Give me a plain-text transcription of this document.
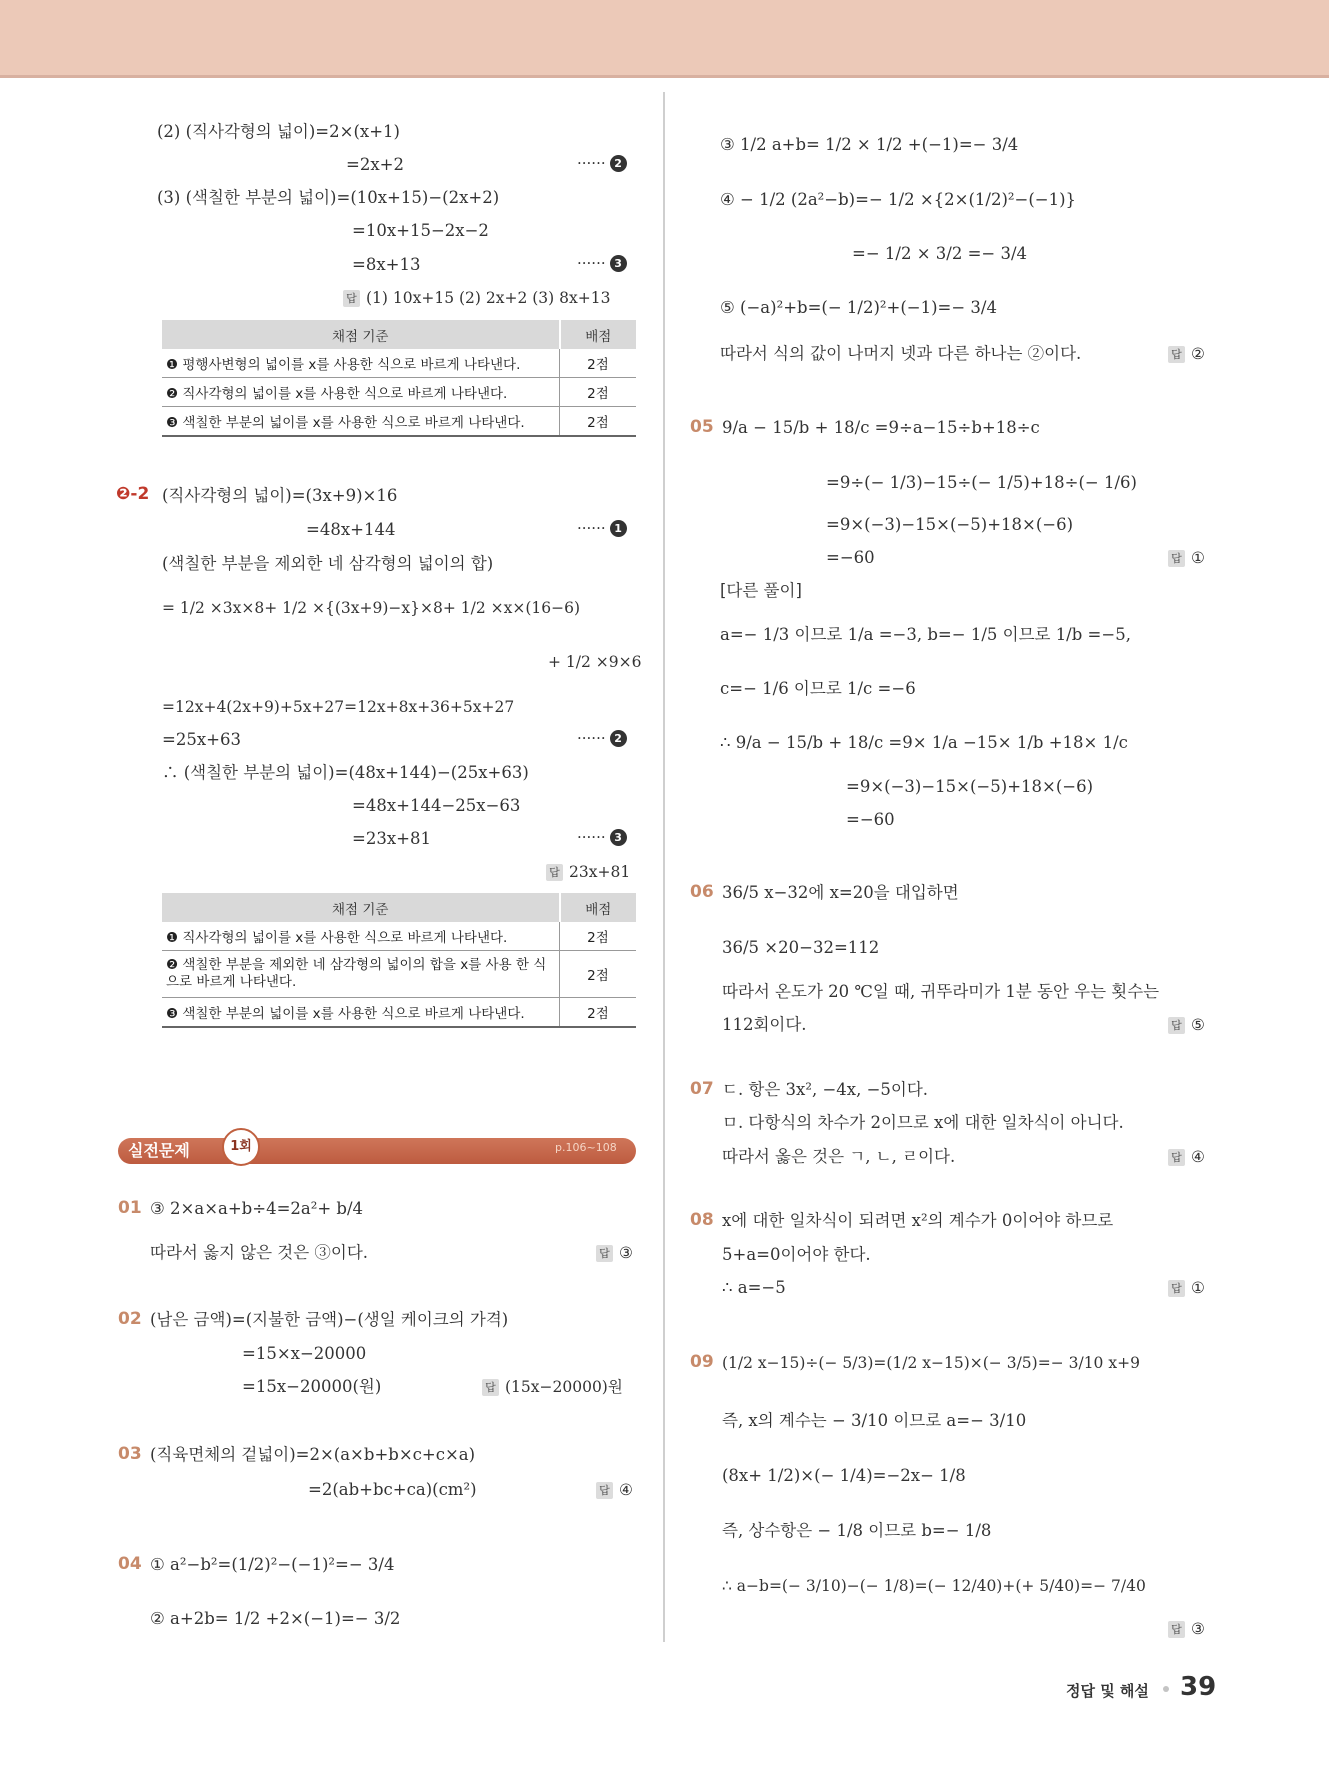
(2) (직사각형의 넓이)=2×(x+1)
=2x+2	······ 2
(3) (색칠한 부분의 넓이)=(10x+15)−(2x+2)
=10x+15−2x−2
=8x+13	······ 3
답 (1) 10x+15 (2) 2x+2 (3) 8x+13
채점 기준	배점
❶ 평행사변형의 넓이를 x를 사용한 식으로 바르게 나타낸다.	2점
❷ 직사각형의 넓이를 x를 사용한 식으로 바르게 나타낸다.	2점
❸ 색칠한 부분의 넓이를 x를 사용한 식으로 바르게 나타낸다.	2점
❷-2 (직사각형의 넓이)=(3x+9)×16
=48x+144	······ 1
(색칠한 부분을 제외한 네 삼각형의 넓이의 합)
= 1/2 ×3x×8+ 1/2 ×{(3x+9)−x}×8+ 1/2 ×x×(16−6)
+ 1/2 ×9×6
=12x+4(2x+9)+5x+27=12x+8x+36+5x+27
=25x+63	······ 2
∴ (색칠한 부분의 넓이)=(48x+144)−(25x+63)
=48x+144−25x−63
=23x+81	······ 3
답 23x+81
채점 기준	배점
❶ 직사각형의 넓이를 x를 사용한 식으로 바르게 나타낸다.	2점
❷ 색칠한 부분을 제외한 네 삼각형의 넓이의 합을 x를 사용 한 식으로 바르게 나타낸다.	2점
❸ 색칠한 부분의 넓이를 x를 사용한 식으로 바르게 나타낸다.	2점
실전문제	1회	p.106~108
01 ③ 2×a×a+b÷4=2a²+ b/4
따라서 옳지 않은 것은 ③이다.	답 ③
02 (남은 금액)=(지불한 금액)−(생일 케이크의 가격)
=15×x−20000
=15x−20000(원)	답 (15x−20000)원
03 (직육면체의 겉넓이)=2×(a×b+b×c+c×a)
=2(ab+bc+ca)(cm²)	답 ④
04 ① a²−b²=(1/2)²−(−1)²=− 3/4
② a+2b= 1/2 +2×(−1)=− 3/2
③ 1/2 a+b= 1/2 × 1/2 +(−1)=− 3/4
④ − 1/2 (2a²−b)=− 1/2 ×{2×(1/2)²−(−1)}
=− 1/2 × 3/2 =− 3/4
⑤ (−a)²+b=(− 1/2)²+(−1)=− 3/4
따라서 식의 값이 나머지 넷과 다른 하나는 ②이다.	답 ②
05 9/a − 15/b + 18/c =9÷a−15÷b+18÷c
=9÷(− 1/3)−15÷(− 1/5)+18÷(− 1/6)
=9×(−3)−15×(−5)+18×(−6)
=−60	답 ①
[다른 풀이]
a=− 1/3 이므로 1/a =−3, b=− 1/5 이므로 1/b =−5,
c=− 1/6 이므로 1/c =−6
∴ 9/a − 15/b + 18/c =9× 1/a −15× 1/b +18× 1/c
=9×(−3)−15×(−5)+18×(−6)
=−60
06 36/5 x−32에 x=20을 대입하면
36/5 ×20−32=112
따라서 온도가 20 ℃일 때, 귀뚜라미가 1분 동안 우는 횟수는
112회이다.	답 ⑤
07 ㄷ. 항은 3x², −4x, −5이다.
ㅁ. 다항식의 차수가 2이므로 x에 대한 일차식이 아니다.
따라서 옳은 것은 ㄱ, ㄴ, ㄹ이다.	답 ④
08 x에 대한 일차식이 되려면 x²의 계수가 0이어야 하므로
5+a=0이어야 한다.
∴ a=−5	답 ①
09 (1/2 x−15)÷(− 5/3)=(1/2 x−15)×(− 3/5)=− 3/10 x+9
즉, x의 계수는 − 3/10 이므로 a=− 3/10
(8x+ 1/2)×(− 1/4)=−2x− 1/8
즉, 상수항은 − 1/8 이므로 b=− 1/8
∴ a−b=(− 3/10)−(− 1/8)=(− 12/40)+(+ 5/40)=− 7/40
답 ③
정답 및 해설 39
